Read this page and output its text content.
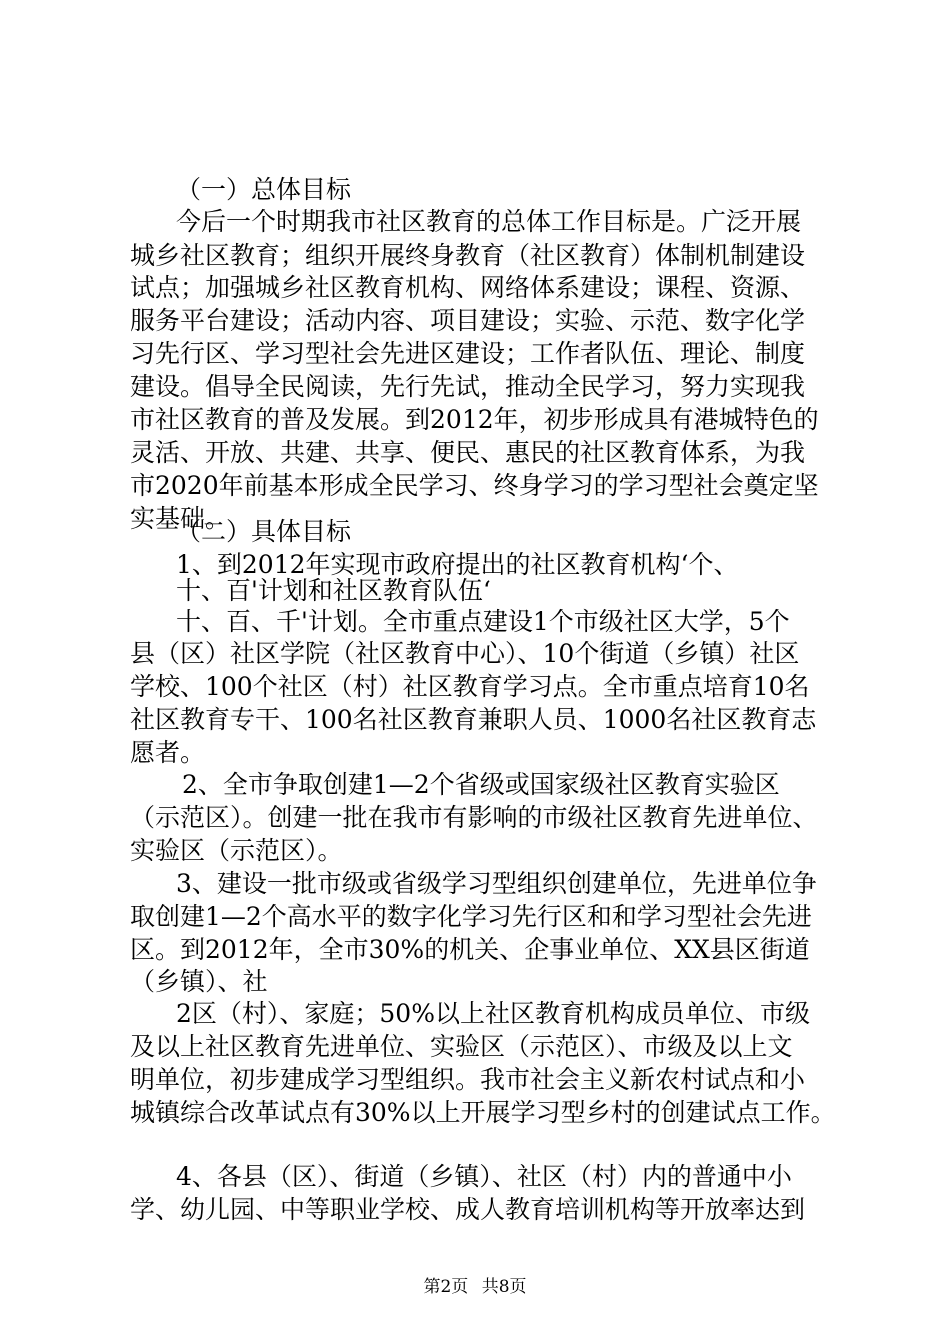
（一）总体目标
今后一个时期我市社区教育的总体工作目标是。广泛开展
城乡社区教育；组织开展终身教育（社区教育）体制机制建设
试点；加强城乡社区教育机构、网络体系建设；课程、资源、
服务平台建设；活动内容、项目建设；实验、示范、数字化学
习先行区、学习型社会先进区建设；工作者队伍、理论、制度
建设。倡导全民阅读，先行先试，推动全民学习，努力实现我
市社区教育的普及发展。到2012年，初步形成具有港城特色的
灵活、开放、共建、共享、便民、惠民的社区教育体系，为我
市2020年前基本形成全民学习、终身学习的学习型社会奠定坚
实基础。
（二）具体目标
1、到2012年实现市政府提出的社区教育机构‘个、
十、百'计划和社区教育队伍‘
十、百、千'计划。全市重点建设1个市级社区大学，5个
县（区）社区学院（社区教育中心）、10个街道（乡镇）社区
学校、100个社区（村）社区教育学习点。全市重点培育10名
社区教育专干、100名社区教育兼职人员、1000名社区教育志
愿者。
2、全市争取创建1—2个省级或国家级社区教育实验区
（示范区）。创建一批在我市有影响的市级社区教育先进单位、
实验区（示范区）。
3、建设一批市级或省级学习型组织创建单位，先进单位争
取创建1—2个高水平的数字化学习先行区和和学习型社会先进
区。到2012年，全市30%的机关、企事业单位、XX县区街道
（乡镇）、社
2区（村）、家庭；50%以上社区教育机构成员单位、市级
及以上社区教育先进单位、实验区（示范区）、市级及以上文
明单位，初步建成学习型组织。我市社会主义新农村试点和小
城镇综合改革试点有30%以上开展学习型乡村的创建试点工作。
4、各县（区）、街道（乡镇）、社区（村）内的普通中小
学、幼儿园、中等职业学校、成人教育培训机构等开放率达到
第2页 共8页
